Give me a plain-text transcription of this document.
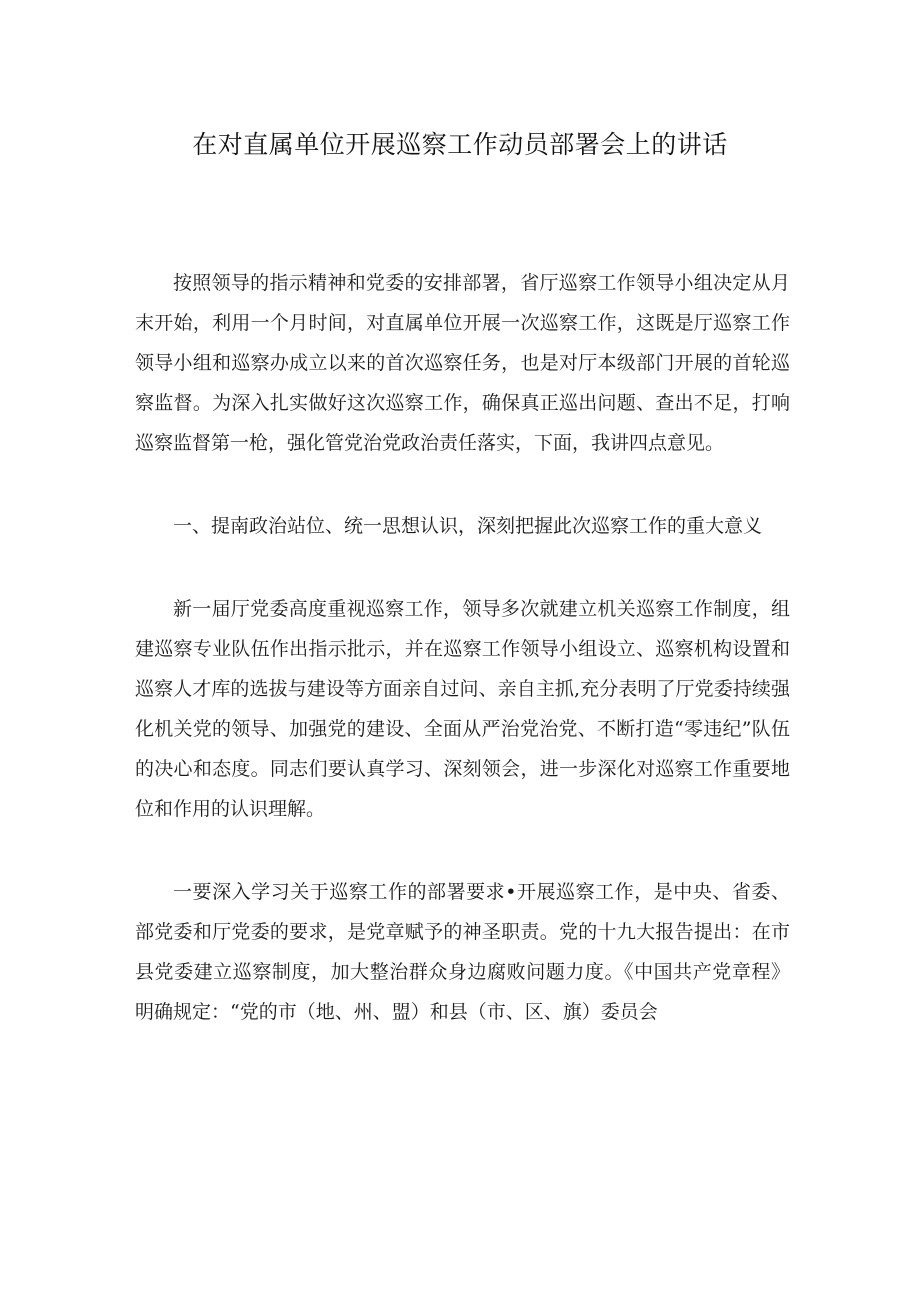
在对直属单位开展巡察工作动员部署会上的讲话

按照领导的指示精神和党委的安排部署，省厅巡察工作领导小组决定从月末开始，利用一个月时间，对直属单位开展一次巡察工作，这既是厅巡察工作领导小组和巡察办成立以来的首次巡察任务，也是对厅本级部门开展的首轮巡察监督。为深入扎实做好这次巡察工作，确保真正巡出问题、查出不足，打响巡察监督第一枪，强化管党治党政治责任落实，下面，我讲四点意见。

一、提南政治站位、统一思想认识，深刻把握此次巡察工作的重大意义

新一届厅党委高度重视巡察工作，领导多次就建立机关巡察工作制度，组建巡察专业队伍作出指示批示，并在巡察工作领导小组设立、巡察机构设置和巡察人才库的选拔与建设等方面亲自过问、亲自主抓,充分表明了厅党委持续强化机关党的领导、加强党的建设、全面从严治党治党、不断打造“零违纪”队伍的决心和态度。同志们要认真学习、深刻领会，进一步深化对巡察工作重要地位和作用的认识理解。

一要深入学习关于巡察工作的部署要求•开展巡察工作，是中央、省委、部党委和厅党委的要求，是党章赋予的神圣职责。党的十九大报告提出：在市县党委建立巡察制度，加大整治群众身边腐败问题力度。《中国共产党章程》明确规定：“党的市（地、州、盟）和县（市、区、旗）委员会
